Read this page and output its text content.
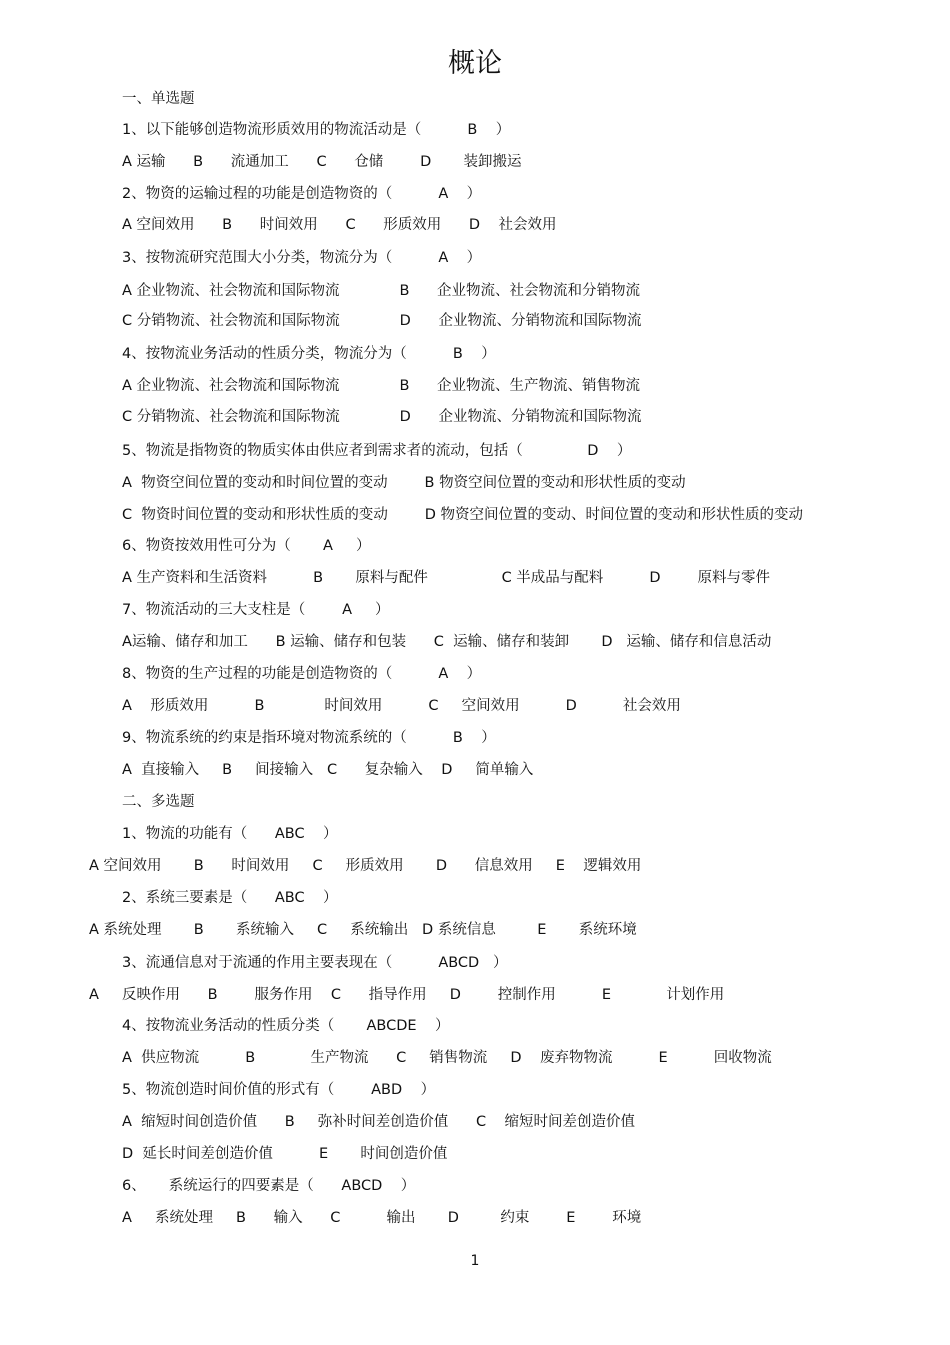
概论
一、单选题
1、以下能够创造物流形质效用的物流活动是（          B    ）
A 运输      B      流通加工      C      仓储        D       装卸搬运
2、物资的运输过程的功能是创造物资的（          A    ）
A 空间效用      B      时间效用      C      形质效用      D    社会效用
3、按物流研究范围大小分类，物流分为（          A    ）
A 企业物流、社会物流和国际物流             B      企业物流、社会物流和分销物流
C 分销物流、社会物流和国际物流             D      企业物流、分销物流和国际物流
4、按物流业务活动的性质分类，物流分为（          B    ）
A 企业物流、社会物流和国际物流             B      企业物流、生产物流、销售物流
C 分销物流、社会物流和国际物流             D      企业物流、分销物流和国际物流
5、物流是指物资的物质实体由供应者到需求者的流动，包括（              D    ）
A  物资空间位置的变动和时间位置的变动        B 物资空间位置的变动和形状性质的变动
C  物资时间位置的变动和形状性质的变动        D 物资空间位置的变动、时间位置的变动和形状性质的变动
6、物资按效用性可分为（       A     ）
A 生产资料和生活资料          B       原料与配件                C 半成品与配料          D        原料与零件
7、物流活动的三大支柱是（        A     ）
A运输、储存和加工      B 运输、储存和包装      C  运输、储存和装卸       D   运输、储存和信息活动
8、物资的生产过程的功能是创造物资的（          A    ）
A    形质效用          B             时间效用          C     空间效用          D          社会效用
9、物流系统的约束是指环境对物流系统的（          B    ）
A  直接输入     B     间接输入   C      复杂输入    D     简单输入
二、多选题
1、物流的功能有（      ABC    ）
A 空间效用       B      时间效用     C     形质效用       D      信息效用     E    逻辑效用
2、系统三要素是（      ABC    ）
A 系统处理       B       系统输入     C     系统输出   D 系统信息         E       系统环境
3、流通信息对于流通的作用主要表现在（          ABCD   ）
A     反映作用      B        服务作用    C      指导作用     D        控制作用          E            计划作用
4、按物流业务活动的性质分类（       ABCDE    ）
A  供应物流          B            生产物流      C     销售物流     D    废弃物物流          E          回收物流
5、物流创造时间价值的形式有（        ABD    ）
A  缩短时间创造价值      B     弥补时间差创造价值      C    缩短时间差创造价值
D  延长时间差创造价值          E       时间创造价值
6、     系统运行的四要素是（      ABCD    ）
A     系统处理     B      输入      C          输出       D         约束        E        环境
1
